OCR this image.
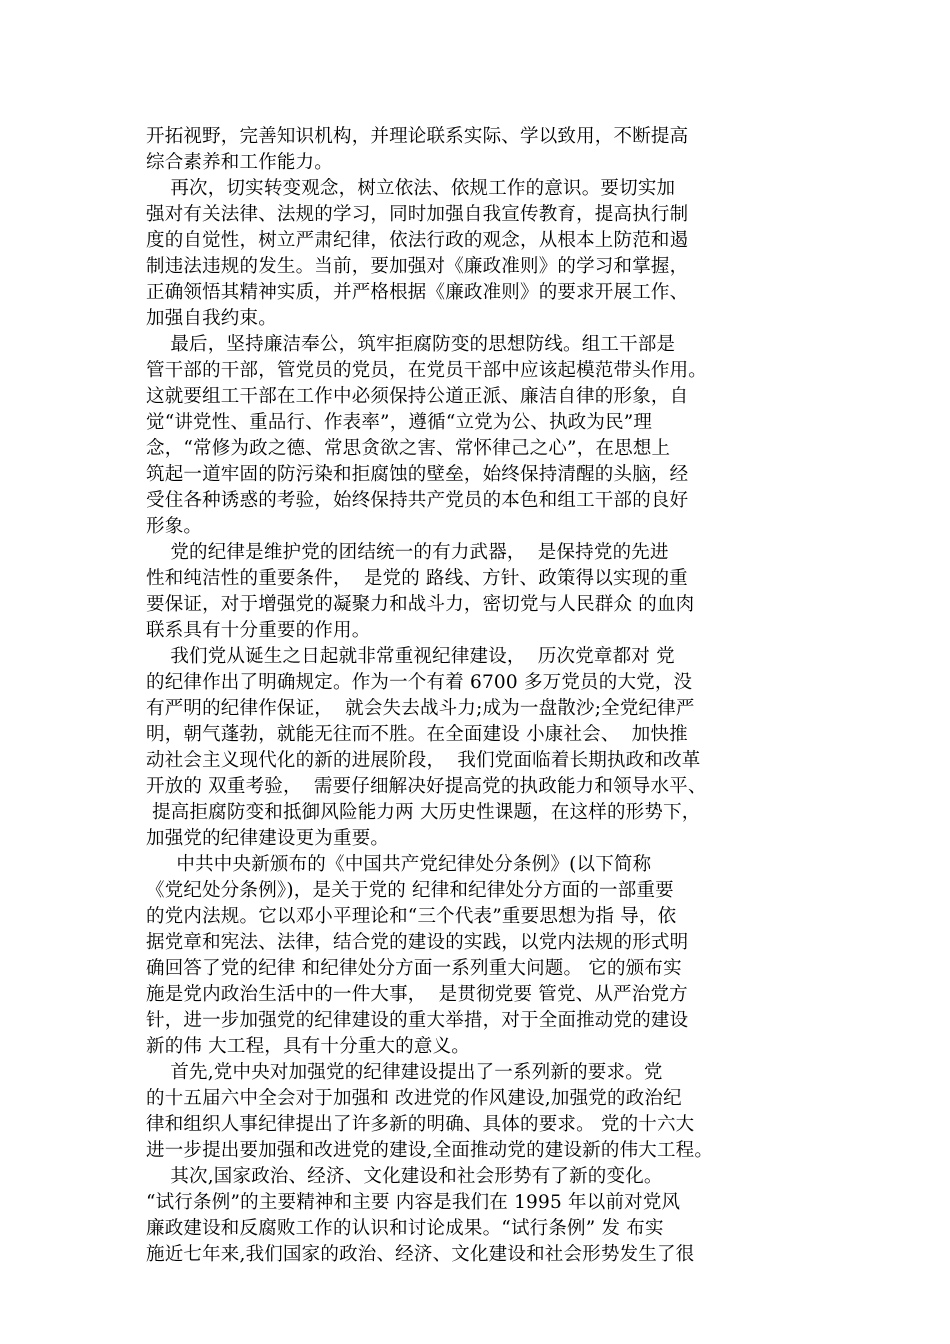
开拓视野，完善知识机构，并理论联系实际、学以致用，不断提高
综合素养和工作能力。
再次，切实转变观念，树立依法、依规工作的意识。要切实加
强对有关法律、法规的学习，同时加强自我宣传教育，提高执行制
度的自觉性，树立严肃纪律，依法行政的观念，从根本上防范和遏
制违法违规的发生。当前，要加强对《廉政准则》的学习和掌握，
正确领悟其精神实质，并严格根据《廉政准则》的要求开展工作、
加强自我约束。
最后，坚持廉洁奉公，筑牢拒腐防变的思想防线。组工干部是
管干部的干部，管党员的党员，在党员干部中应该起模范带头作用。
这就要组工干部在工作中必须保持公道正派、廉洁自律的形象，自
觉“讲党性、重品行、作表率”，遵循“立党为公、执政为民”理
念，“常修为政之德、常思贪欲之害、常怀律己之心”，在思想上
筑起一道牢固的防污染和拒腐蚀的壁垒，始终保持清醒的头脑，经
受住各种诱惑的考验，始终保持共产党员的本色和组工干部的良好
形象。
党的纪律是维护党的团结统一的有力武器，  是保持党的先进
性和纯洁性的重要条件，  是党的 路线、方针、政策得以实现的重
要保证，对于增强党的凝聚力和战斗力，密切党与人民群众 的血肉
联系具有十分重要的作用。
我们党从诞生之日起就非常重视纪律建设，  历次党章都对 党
的纪律作出了明确规定。作为一个有着 6700 多万党员的大党，没
有严明的纪律作保证，  就会失去战斗力;成为一盘散沙;全党纪律严
明，朝气蓬勃，就能无往而不胜。在全面建设 小康社会、  加快推
动社会主义现代化的新的进展阶段，  我们党面临着长期执政和改革
开放的 双重考验，  需要仔细解决好提高党的执政能力和领导水平、
提高拒腐防变和抵御风险能力两 大历史性课题，在这样的形势下，
加强党的纪律建设更为重要。
中共中央新颁布的《中国共产党纪律处分条例》(以下简称
《党纪处分条例》)，是关于党的 纪律和纪律处分方面的一部重要
的党内法规。它以邓小平理论和“三个代表”重要思想为指 导，依
据党章和宪法、法律，结合党的建设的实践，以党内法规的形式明
确回答了党的纪律 和纪律处分方面一系列重大问题。 它的颁布实
施是党内政治生活中的一件大事，  是贯彻党要 管党、从严治党方
针，进一步加强党的纪律建设的重大举措，对于全面推动党的建设
新的伟 大工程，具有十分重大的意义。
首先,党中央对加强党的纪律建设提出了一系列新的要求。党
的十五届六中全会对于加强和 改进党的作风建设,加强党的政治纪
律和组织人事纪律提出了许多新的明确、具体的要求。 党的十六大
进一步提出要加强和改进党的建设,全面推动党的建设新的伟大工程。
其次,国家政治、经济、文化建设和社会形势有了新的变化。
“试行条例”的主要精神和主要 内容是我们在 1995 年以前对党风
廉政建设和反腐败工作的认识和讨论成果。“试行条例” 发 布实
施近七年来,我们国家的政治、经济、文化建设和社会形势发生了很
